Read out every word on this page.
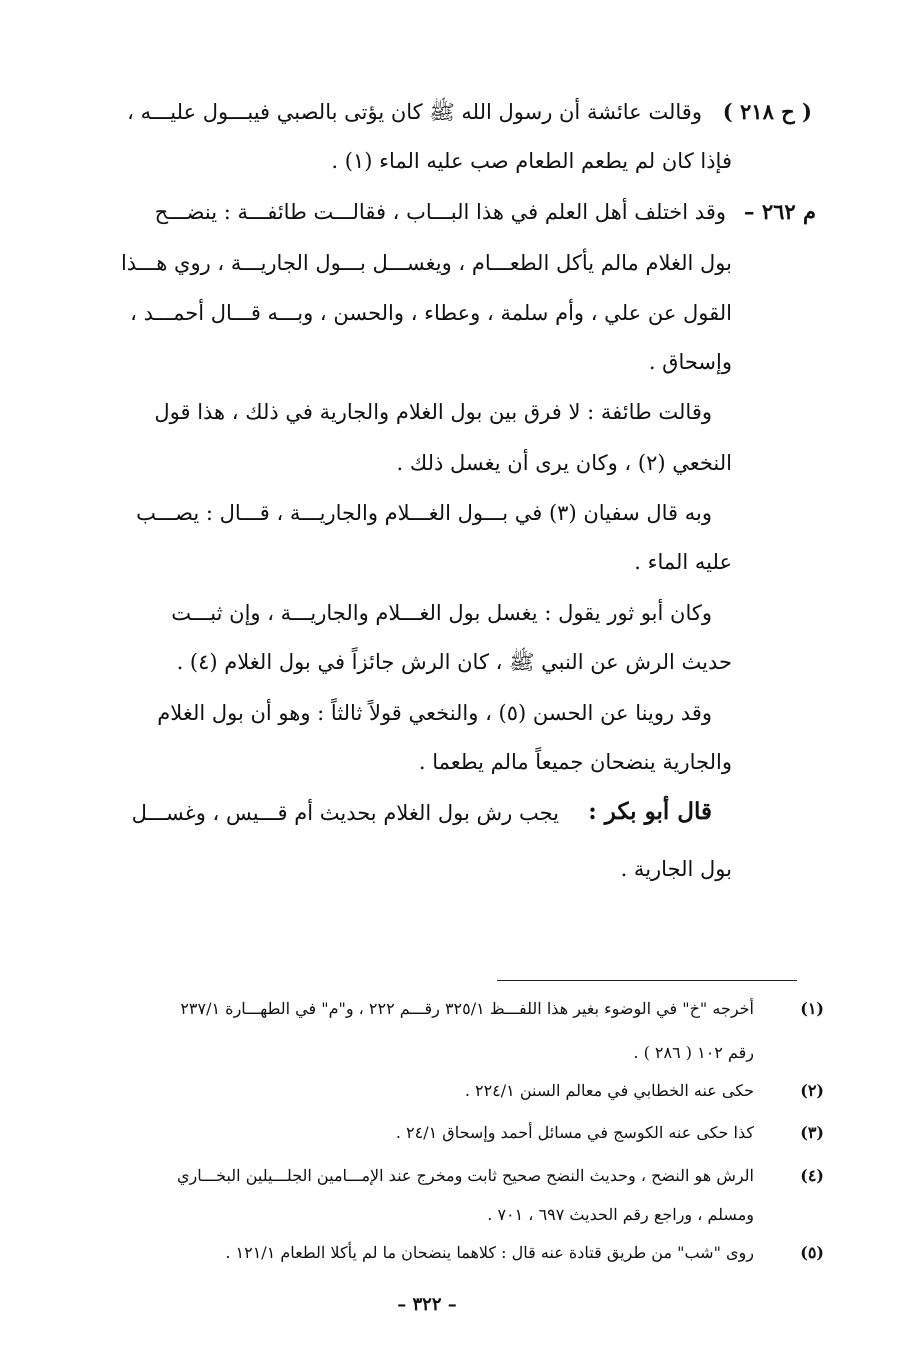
( ح ٢١٨ )
وقالت عائشة أن رسول الله ﷺ كان يؤتى بالصبي فيبـــول عليـــه ،
فإذا كان لم يطعم الطعام صب عليه الماء (١) .
م ٢٦٢ –
وقد اختلف أهل العلم في هذا البـــاب ، فقالـــت طائفـــة : ينضـــح
بول الغلام مالم يأكل الطعـــام ، ويغســـل بـــول الجاريـــة ، روي هـــذا
القول عن علي ، وأم سلمة ، وعطاء ، والحسن ، وبـــه قـــال أحمـــد ،
وإسحاق .
وقالت طائفة : لا فرق بين بول الغلام والجارية في ذلك ، هذا قول
النخعي (٢) ، وكان يرى أن يغسل ذلك .
وبه قال سفيان (٣) في بـــول الغـــلام والجاريـــة ، قـــال : يصـــب
عليه الماء .
وكان أبو ثور يقول : يغسل بول الغـــلام والجاريـــة ، وإن ثبـــت
حديث الرش عن النبي ﷺ ، كان الرش جائزاً في بول الغلام (٤) .
وقد روينا عن الحسن (٥) ، والنخعي قولاً ثالثاً : وهو أن بول الغلام
والجارية ينضحان جميعاً مالم يطعما .
قال أبو بكر :
يجب رش بول الغلام بحديث أم قـــيس ، وغســـل
بول الجارية .
(١)
أخرجه "خ" في الوضوء بغير هذا اللفـــظ ٣٢٥/١ رقـــم ٢٢٢ ، و"م" في الطهـــارة ٢٣٧/١
رقم ١٠٢ ( ٢٨٦ ) .
(٢)
حكى عنه الخطابي في معالم السنن ٢٢٤/١ .
(٣)
كذا حكى عنه الكوسج في مسائل أحمد وإسحاق ٢٤/١ .
(٤)
الرش هو النضح ، وحديث النضح صحيح ثابت ومخرج عند الإمـــامين الجلـــيلين البخـــاري
ومسلم ، وراجع رقم الحديث ٦٩٧ ، ٧٠١ .
(٥)
روى "شب" من طريق قتادة عنه قال : كلاهما ينضحان ما لم يأكلا الطعام ١٢١/١ .
– ٣٢٢ –
